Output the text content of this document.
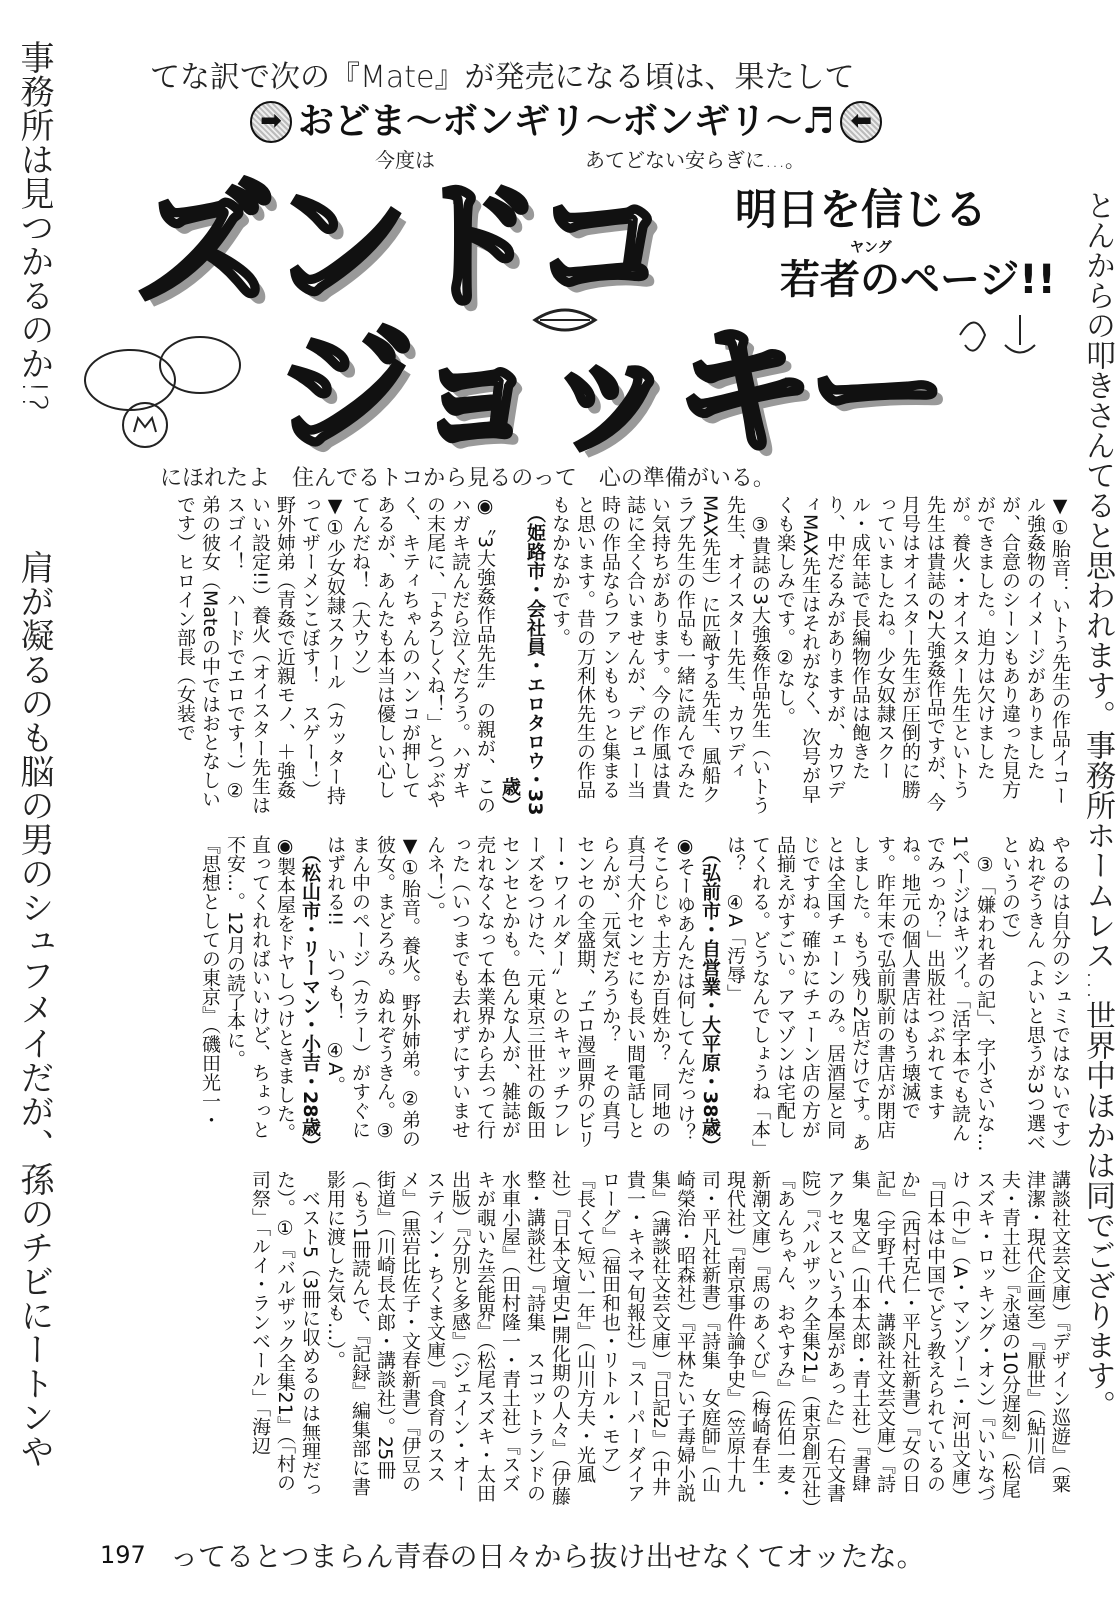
てな訳で次の『Mate』が発売になる頃は、果たして
今度は	あてどない安らぎに…。
とんからの叩きさんてると思われます。事務所ホームレス…世界中ほかは同でござります。
事務所は見つかるのか!?
肩が凝るのも脳の男のシュフメイだが、孫のチビにートンや
にほれたよ　住んでるトコから見るのって　心の準備がいる。
ってるとつまらん青春の日々から抜け出せなくてオッたな。
➡ おどま〜ボンギリ〜ボンギリ〜♬ ⬅
ズンドコ
ジョッキー
明日を信じる
ヤング
若者のページ!!

▼①胎音：いトう先生の作品イコール強姦物のイメージがありましたが、合意のシーンもあり違った見方ができました。迫力は欠けましたが。養火・オイスター先生といトう先生は貴誌の2大強姦作品ですが、今月号はオイスター先生が圧倒的に勝っていましたね。少女奴隷スクール・成年誌で長編物作品は飽きたり、中だるみがありますが、カワディMAX先生はそれがなく、次号が早くも楽しみです。②なし。

　③貴誌の3大強姦作品先生（いトう先生、オイスター先生、カワディMAX先生）に匹敵する先生、風船クラブ先生の作品も一緒に読んでみたい気持ちがあります。今の作風は貴誌に全く合いませんが、デビュー当時の作品ならファンももっと集まると思います。昔の万利休先生の作品もなかなかです。

（姫路市・会社員・エロタロウ・33歳）

◉〝3大強姦作品先生〟の親が、このハガキ読んだら泣くだろう。ハガキの末尾に、「よろしくね！」とつぶやく、キティちゃんのハンコが押してあるが、あんたも本当は優しい心してんだね！（大ウソ）

▼①少女奴隷スクール（カッター持ってザーメンこぼす！　スゲー！）野外姉弟（青姦で近親モノ、＋強姦いい設定!!）養火（オイスター先生はスゴイ！　ハードでエロです！）②弟の彼女（Mateの中ではおとなしいです）ヒロイン部長（女装で

やるのは自分のシュミではないです）ぬれぞうきん（よいと思うが3つ選べというので）

　③「嫌われ者の記」、字小さいな…1ページはキツイ。「活字本でも読んでみっか？」出版社つぶれてますね。地元の個人書店はもう壊滅です。昨年末で弘前駅前の書店が閉店しました。もう残り2店だけです。あとは全国チェーンのみ。居酒屋と同じですね。確かにチェーン店の方が品揃えがすごい。アマゾンは宅配してくれる。どうなんでしょうね「本」は？　④A「汚辱」

（弘前市・自営業・大平原・38歳）

◉そーゆあんたは何してんだっけ？　そこらじゃ土方か百姓か？　同地の真弓大介センセにも長い間電話しとらんが、元気だろうか？　その真弓センセの全盛期、〝エロ漫画界のビリー・ワイルダー〟とのキャッチフレーズをつけた、元東京三世社の飯田センセとかも。色んな人が、雑誌が売れなくなって本業界から去って行った（いつまでも去れずにすいませんネ！）。

▼①胎音。養火。野外姉弟。②弟の彼女。まどろみ。ぬれぞうきん。③まん中のページ（カラー）がすぐにはずれる!!　いつも！　④A。

（松山市・リーマン・小吉・28歳）

◉製本屋をドヤしつけときました。直ってくれればいいけど、ちょっと不安…。12月の読了本に。

『思想としての東京』（磯田光一・

講談社文芸文庫）『デザイン巡遊』（粟津潔・現代企画室）『厭世』（鮎川信夫・青土社）『永遠の10分遅刻』（松尾スズキ・ロッキング・オン）『いいなづけ（中）』（A・マンゾーニ・河出文庫）『日本は中国でどう教えられているのか』（西村克仁・平凡社新書）『女の日記』（宇野千代・講談社文芸文庫）『詩集　鬼文』（山本太郎・青土社）『書肆アクセスという本屋があった』（右文書院）『バルザック全集21』（東京創元社）『あんちゃん、おやすみ』（佐伯一麦・新潮文庫）『馬のあくび』（梅崎春生・現代社）『南京事件論争史』（笠原十九司・平凡社新書）『詩集　女庭師』（山崎榮治・昭森社）『平林たい子毒婦小説集』（講談社文芸文庫）『日記2』（中井貴一・キネマ旬報社）『スーパーダイアローグ』（福田和也・リトル・モア）『長くて短い一年』（山川方夫・光風社）『日本文壇史1開化期の人々』（伊藤整・講談社）『詩集　スコットランドの水車小屋』（田村隆一・青土社）『スズキが覗いた芸能界』（松尾スズキ・太田出版）『分別と多感』（ジェイン・オースティン・ちくま文庫）『食育のススメ』（黒岩比佐子・文春新書）『伊豆の街道』（川崎長太郎・講談社）。25冊（もう1冊読んで、『記録』編集部に書影用に渡した気も…）。

　ベスト5（3冊に収めるのは無理だった）。①『バルザック全集21』（「村の司祭」「ルイ・ランベール」「海辺

197
